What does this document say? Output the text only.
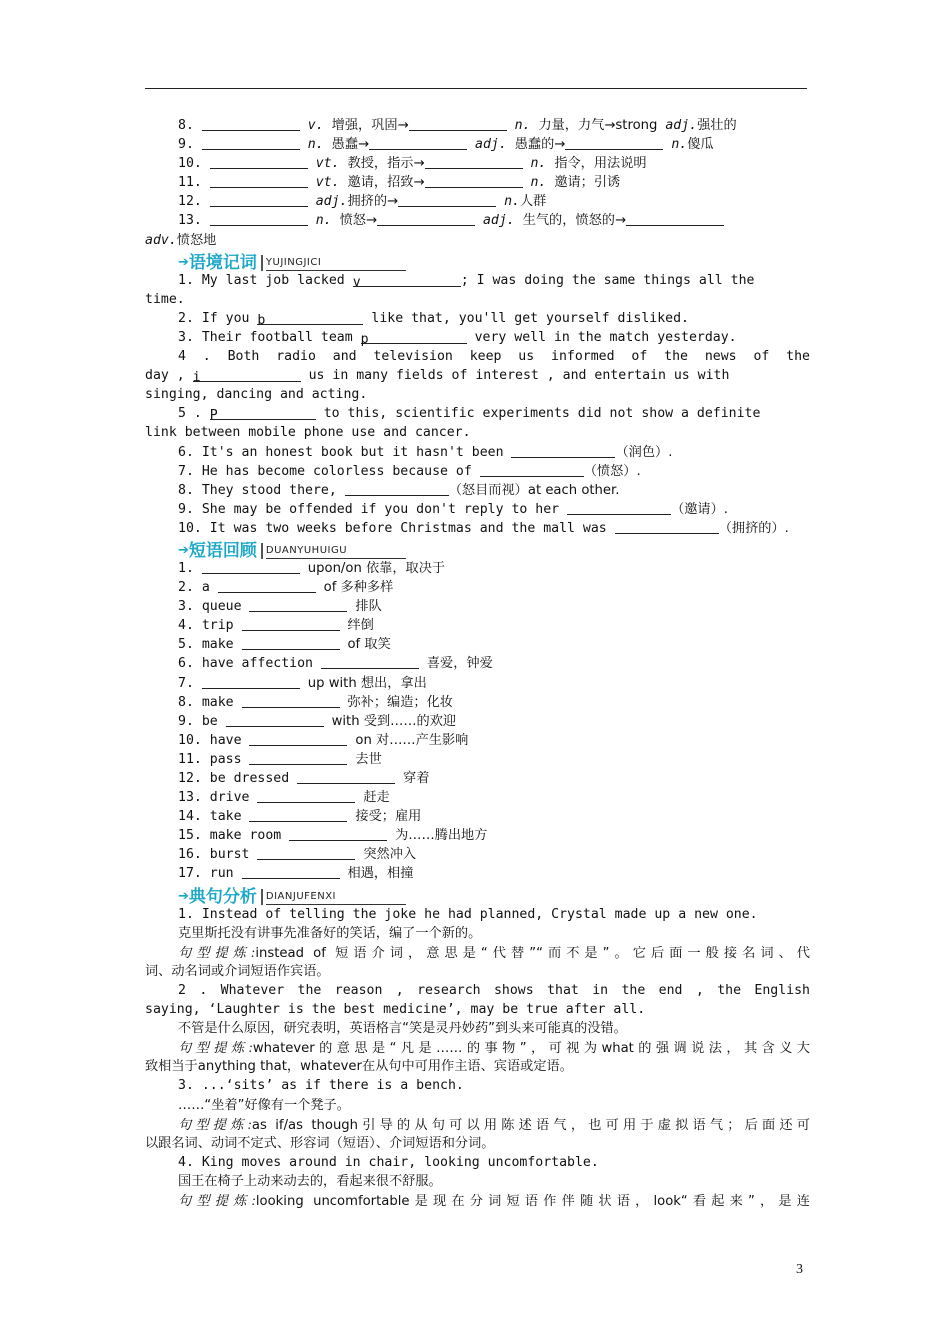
8.	v. 增强，巩固→	n. 力量，力气→strong adj.强壮的
9.	n. 愚蠢→	adj. 愚蠢的→	n.傻瓜
10.	vt. 教授，指示→	n. 指令，用法说明
11.	vt. 邀请，招致→	n. 邀请；引诱
12.	adj.拥挤的→	n.人群
13.	n. 愤怒→	adj. 生气的，愤怒的→
adv.愤怒地
➔ 语境记词 YUJINGJICI
1. My last job lacked v	; I was doing the same things all the
time.
2. If you b	like that, you'll get yourself disliked.
3. Their football team p	very well in the match yesterday.
4 . Both radio and television keep us informed of the news of the
day , i	us in many fields of interest , and entertain us with
singing, dancing and acting.
5 . P	to this, scientific experiments did not show a definite
link between mobile phone use and cancer.
6. It's an honest book but it hasn't been	（润色）.
7. He has become colorless because of	（愤怒）.
8. They stood there,	（怒目而视）at each other.
9. She may be offended if you don't reply to her	（邀请）.
10. It was two weeks before Christmas and the mall was	（拥挤的）.
➔ 短语回顾 DUANYUHUIGU
1.	upon/on 依靠，取决于
2. a	of 多种多样
3. queue	排队
4. trip	绊倒
5. make	of 取笑
6. have affection	喜爱，钟爱
7.	up with 想出，拿出
8. make	弥补；编造；化妆
9. be	with 受到……的欢迎
10. have	on 对……产生影响
11. pass	去世
12. be dressed	穿着
13. drive	赶走
14. take	接受；雇用
15. make room	为……腾出地方
16. burst	突然冲入
17. run	相遇，相撞
➔ 典句分析 DIANJUFENXI
1. Instead of telling the joke he had planned, Crystal made up a new one.
克里斯托没有讲事先准备好的笑话，编了一个新的。
句型提炼:instead of 短语介词，意思是“代替”“而不是”。它后面一般接名词、代
词、动名词或介词短语作宾语。
2 . Whatever the reason , research shows that in the end , the English
saying, ‘Laughter is the best medicine’, may be true after all.
不管是什么原因，研究表明，英语格言“笑是灵丹妙药”到头来可能真的没错。
句型提炼:whatever的意思是“凡是……的事物”，可视为what的强调说法，其含义大
致相当于anything that，whatever在从句中可用作主语、宾语或定语。
3. ...‘sits’ as if there is a bench.
……“坐着”好像有一个凳子。
句型提炼:as if/as though引导的从句可以用陈述语气，也可用于虚拟语气；后面还可
以跟名词、动词不定式、形容词（短语）、介词短语和分词。
4. King moves around in chair, looking uncomfortable.
国王在椅子上动来动去的，看起来很不舒服。
句型提炼:looking uncomfortable是现在分词短语作伴随状语，look“看起来”，是连
3
